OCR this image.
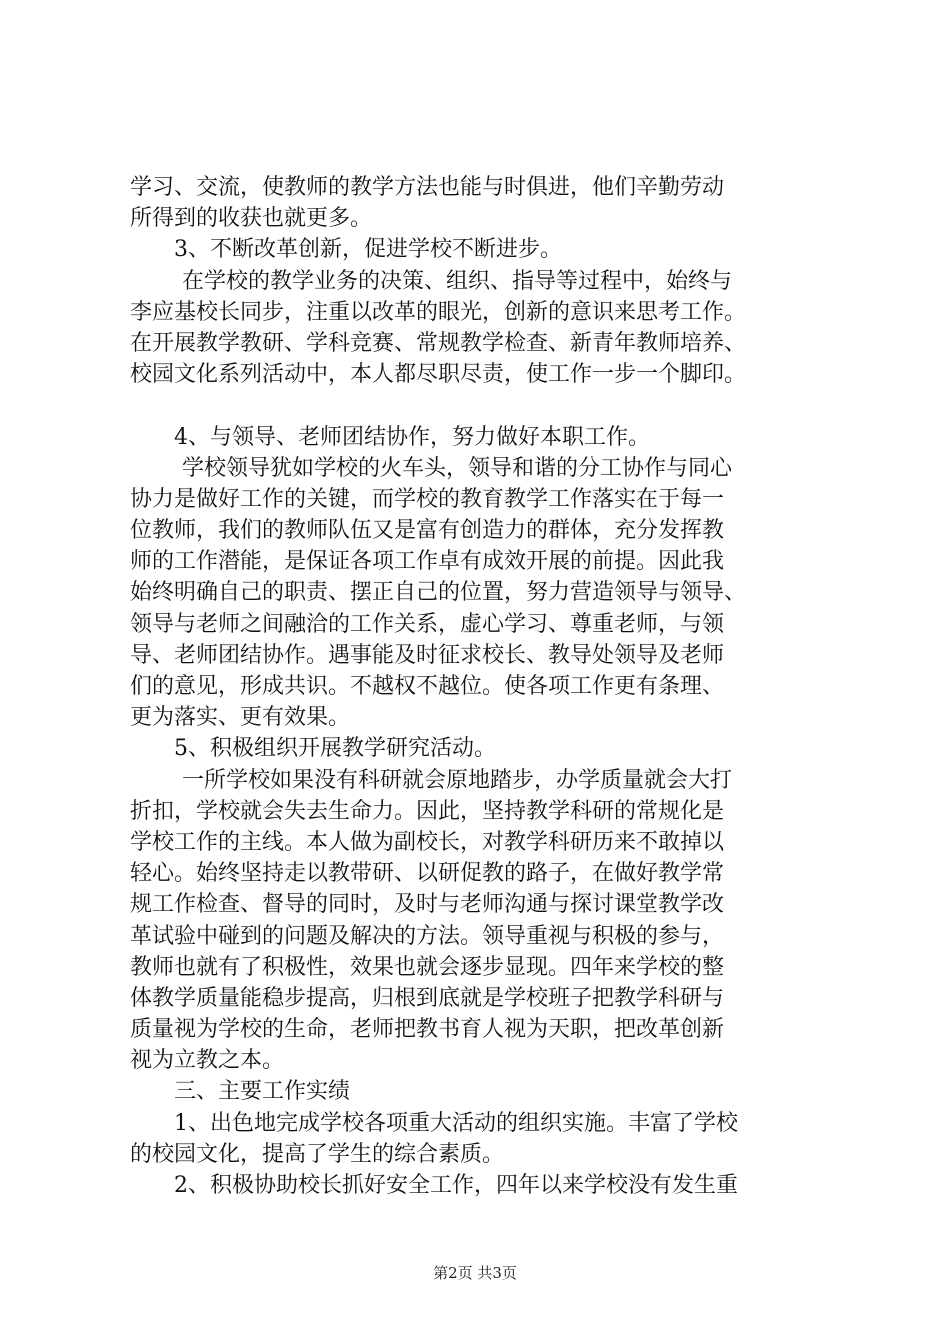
学习、交流，使教师的教学方法也能与时俱进，他们辛勤劳动
所得到的收获也就更多。
3、不断改革创新，促进学校不断进步。
在学校的教学业务的决策、组织、指导等过程中，始终与
李应基校长同步，注重以改革的眼光，创新的意识来思考工作。
在开展教学教研、学科竞赛、常规教学检查、新青年教师培养、
校园文化系列活动中，本人都尽职尽责，使工作一步一个脚印。
4、与领导、老师团结协作，努力做好本职工作。
学校领导犹如学校的火车头，领导和谐的分工协作与同心
协力是做好工作的关键，而学校的教育教学工作落实在于每一
位教师，我们的教师队伍又是富有创造力的群体，充分发挥教
师的工作潜能，是保证各项工作卓有成效开展的前提。因此我
始终明确自己的职责、摆正自己的位置，努力营造领导与领导、
领导与老师之间融洽的工作关系，虚心学习、尊重老师，与领
导、老师团结协作。遇事能及时征求校长、教导处领导及老师
们的意见，形成共识。不越权不越位。使各项工作更有条理、
更为落实、更有效果。
5、积极组织开展教学研究活动。
一所学校如果没有科研就会原地踏步，办学质量就会大打
折扣，学校就会失去生命力。因此，坚持教学科研的常规化是
学校工作的主线。本人做为副校长，对教学科研历来不敢掉以
轻心。始终坚持走以教带研、以研促教的路子，在做好教学常
规工作检查、督导的同时，及时与老师沟通与探讨课堂教学改
革试验中碰到的问题及解决的方法。领导重视与积极的参与，
教师也就有了积极性，效果也就会逐步显现。四年来学校的整
体教学质量能稳步提高，归根到底就是学校班子把教学科研与
质量视为学校的生命，老师把教书育人视为天职，把改革创新
视为立教之本。
三、主要工作实绩
1、出色地完成学校各项重大活动的组织实施。丰富了学校
的校园文化，提高了学生的综合素质。
2、积极协助校长抓好安全工作，四年以来学校没有发生重
第2页 共3页
